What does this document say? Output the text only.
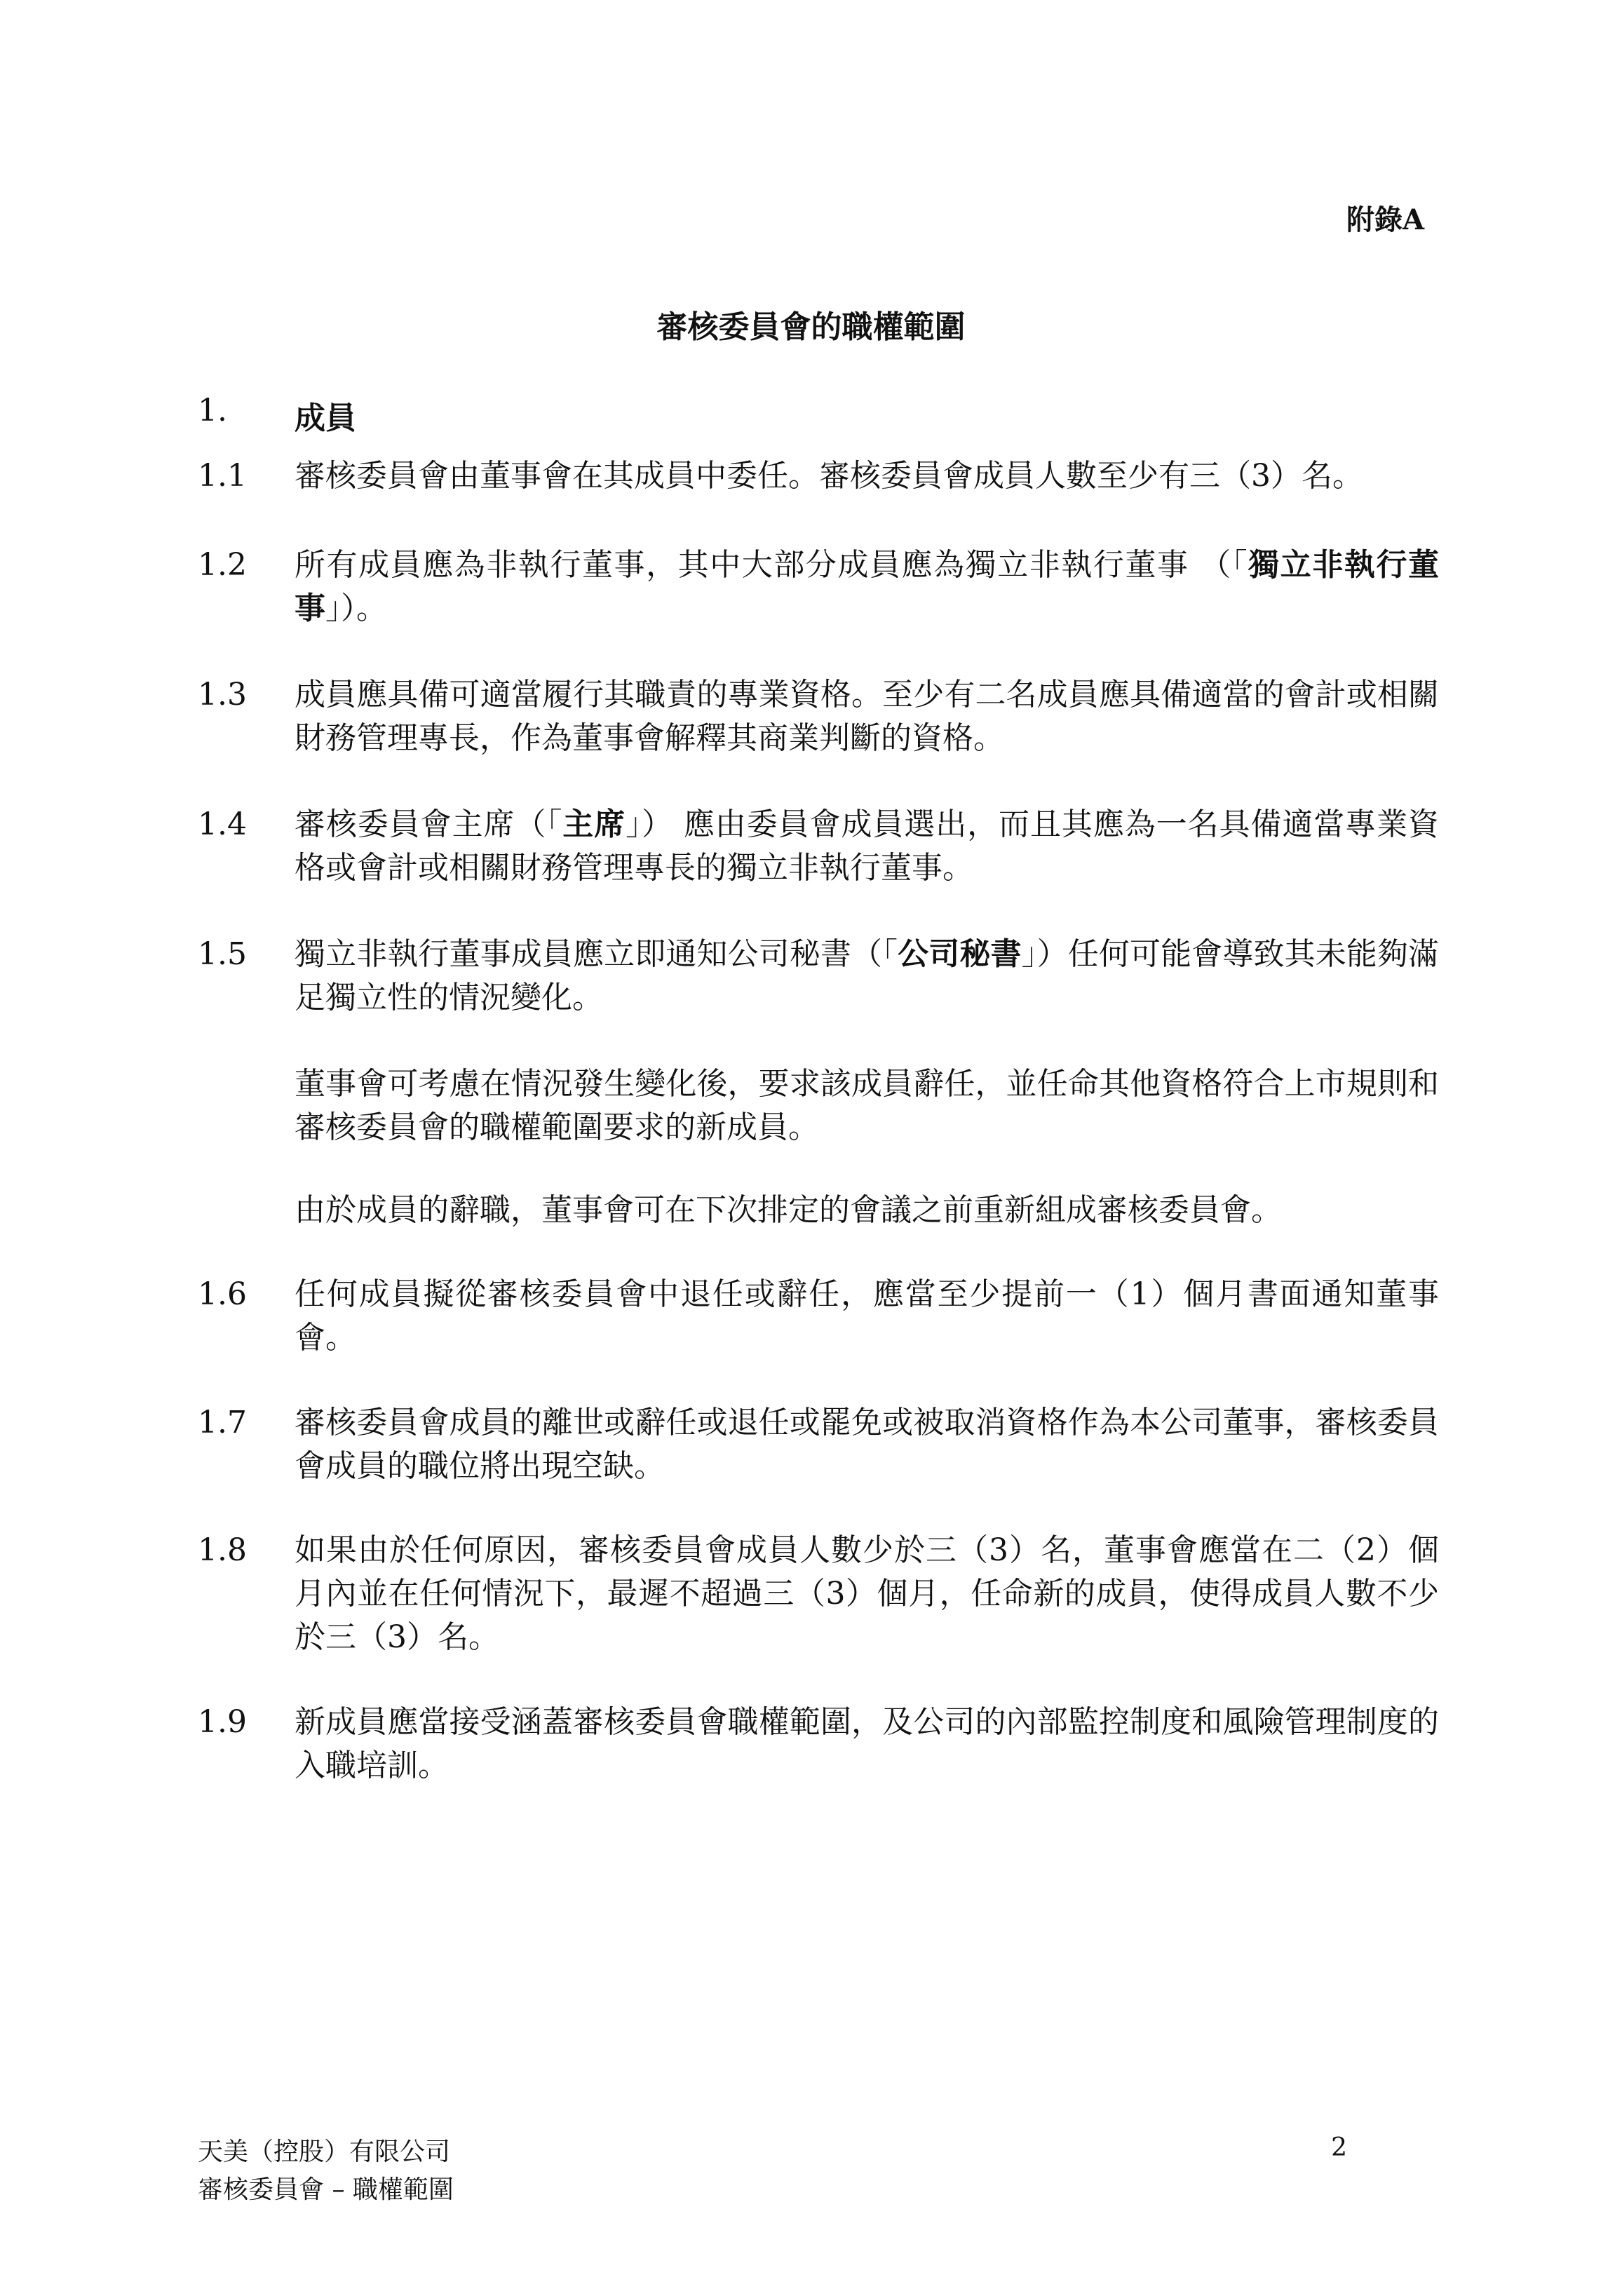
附錄A
審核委員會的職權範圍
1.	成員
1.1 審核委員會由董事會在其成員中委任。審核委員會成員人數至少有三（3）名。
1.2 所有成員應為非執行董事，其中大部分成員應為獨立非執行董事 （「獨立非執行董事」）。
1.3 成員應具備可適當履行其職責的專業資格。至少有二名成員應具備適當的會計或相關財務管理專長，作為董事會解釋其商業判斷的資格。
1.4 審核委員會主席（「主席」） 應由委員會成員選出，而且其應為一名具備適當專業資格或會計或相關財務管理專長的獨立非執行董事。
1.5 獨立非執行董事成員應立即通知公司秘書（「公司秘書」）任何可能會導致其未能夠滿足獨立性的情況變化。
董事會可考慮在情況發生變化後，要求該成員辭任，並任命其他資格符合上市規則和審核委員會的職權範圍要求的新成員。
由於成員的辭職，董事會可在下次排定的會議之前重新組成審核委員會。
1.6 任何成員擬從審核委員會中退任或辭任，應當至少提前一（1）個月書面通知董事會。
1.7 審核委員會成員的離世或辭任或退任或罷免或被取消資格作為本公司董事，審核委員會成員的職位將出現空缺。
1.8 如果由於任何原因，審核委員會成員人數少於三（3）名，董事會應當在二（2）個月內並在任何情況下，最遲不超過三（3）個月，任命新的成員，使得成員人數不少於三（3）名。
1.9 新成員應當接受涵蓋審核委員會職權範圍，及公司的內部監控制度和風險管理制度的入職培訓。
天美（控股）有限公司
審核委員會 – 職權範圍
2
